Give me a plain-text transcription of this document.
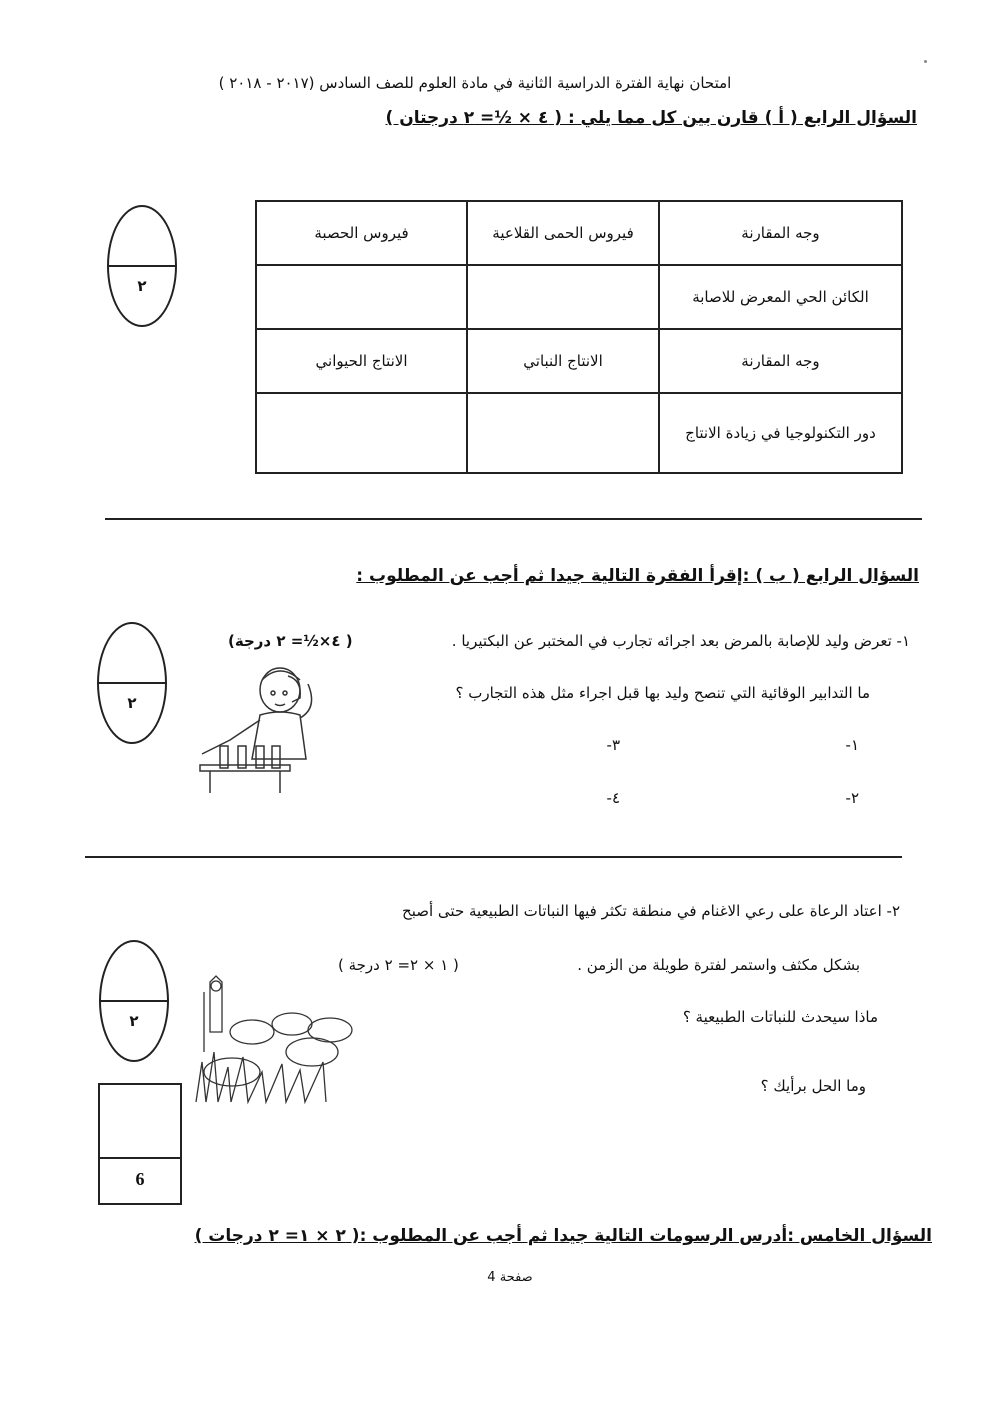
امتحان نهاية الفترة الدراسية الثانية في مادة العلوم للصف السادس (٢٠١٧ - ٢٠١٨ )
السؤال الرابع ( أ ) قارن بين كل مما يلي : ( ٤ × ½= ٢ درجتان )
٢
وجه المقارنة	فيروس الحمى القلاعية	فيروس الحصبة
الكائن الحي المعرض للاصابة		
وجه المقارنة	الانتاج النباتي	الانتاج الحيواني
دور التكنولوجيا في زيادة الانتاج		
السؤال الرابع ( ب ) :إقرأ الفقرة التالية جيدا ثم أجب عن المطلوب :
٢
١- تعرض وليد للإصابة بالمرض بعد اجرائه تجارب في المختبر عن البكتيريا .
( ٤×½= ٢ درجة)
ما التدابير الوقائية التي تنصح وليد بها قبل اجراء مثل هذه التجارب ؟
١-
٣-
٢-
٤-
٢- اعتاد الرعاة على رعي الاغنام في منطقة تكثر فيها النباتات الطبيعية حتى أصبح
بشكل مكثف واستمر لفترة طويلة من الزمن .
( ١ × ٢= ٢ درجة )
ماذا سيحدث للنباتات الطبيعية ؟
وما الحل برأيك ؟
٢
6
السؤال الخامس :أدرس الرسومات التالية جيدا ثم أجب عن المطلوب :( ٢ × ١= ٢ درجات )
صفحة 4
